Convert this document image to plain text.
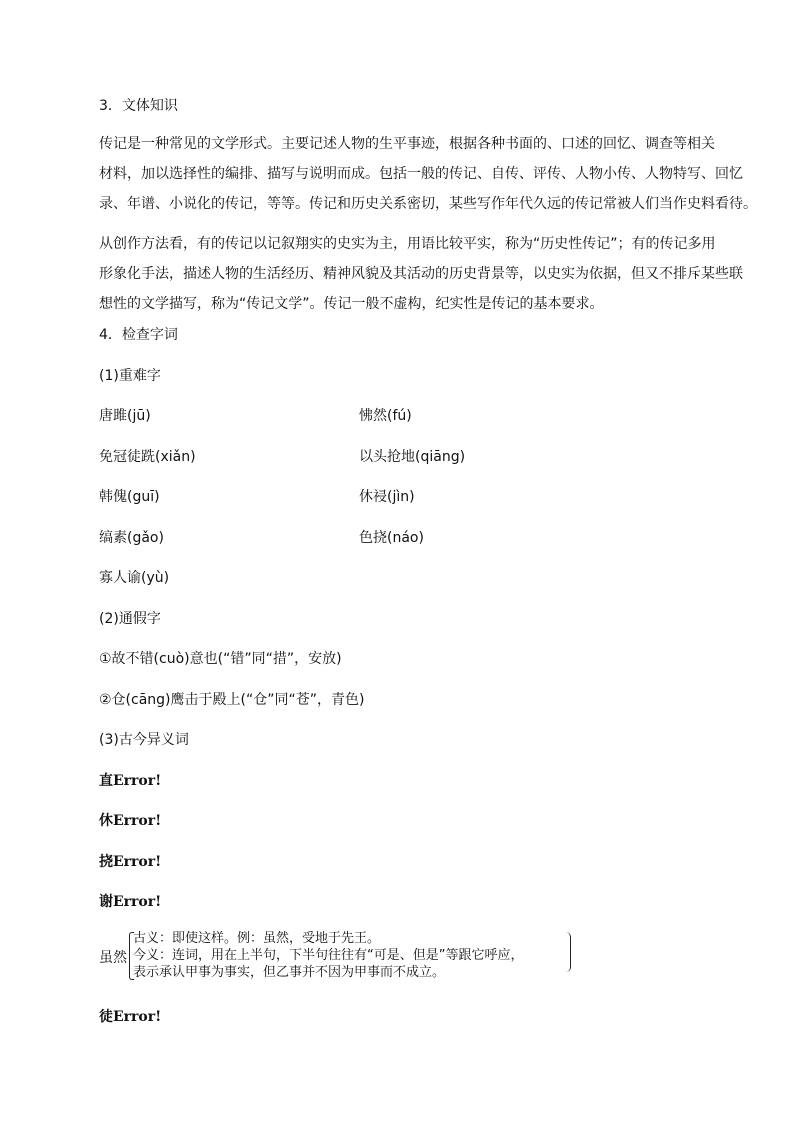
3．文体知识
传记是一种常见的文学形式。主要记述人物的生平事迹，根据各种书面的、口述的回忆、调查等相关
材料，加以选择性的编排、描写与说明而成。包括一般的传记、自传、评传、人物小传、人物特写、回忆
录、年谱、小说化的传记，等等。传记和历史关系密切，某些写作年代久远的传记常被人们当作史料看待。
从创作方法看，有的传记以记叙翔实的史实为主，用语比较平实，称为“历史性传记”；有的传记多用
形象化手法，描述人物的生活经历、精神风貌及其活动的历史背景等，以史实为依据，但又不排斥某些联
想性的文学描写，称为“传记文学”。传记一般不虚构，纪实性是传记的基本要求。
4．检查字词
(1)重难字
唐雎(jū)	怫然(fú)
免冠徒跣(xiǎn)	以头抢地(qiāng)
韩傀(guī)	休祲(jìn)
缟素(gǎo)	色挠(náo)
寡人谕(yù)
(2)通假字
①故不错(cuò)意也(“错”同“措”，安放)
②仓(cāng)鹰击于殿上(“仓”同“苍”，青色)
(3)古今异义词
直Error!
休Error!
挠Error!
谢Error!
虽然
古义：即使这样。例：虽然，受地于先王。
今义：连词，用在上半句，下半句往往有“可是、但是”等跟它呼应，
表示承认甲事为事实，但乙事并不因为甲事而不成立。
徒Error!
